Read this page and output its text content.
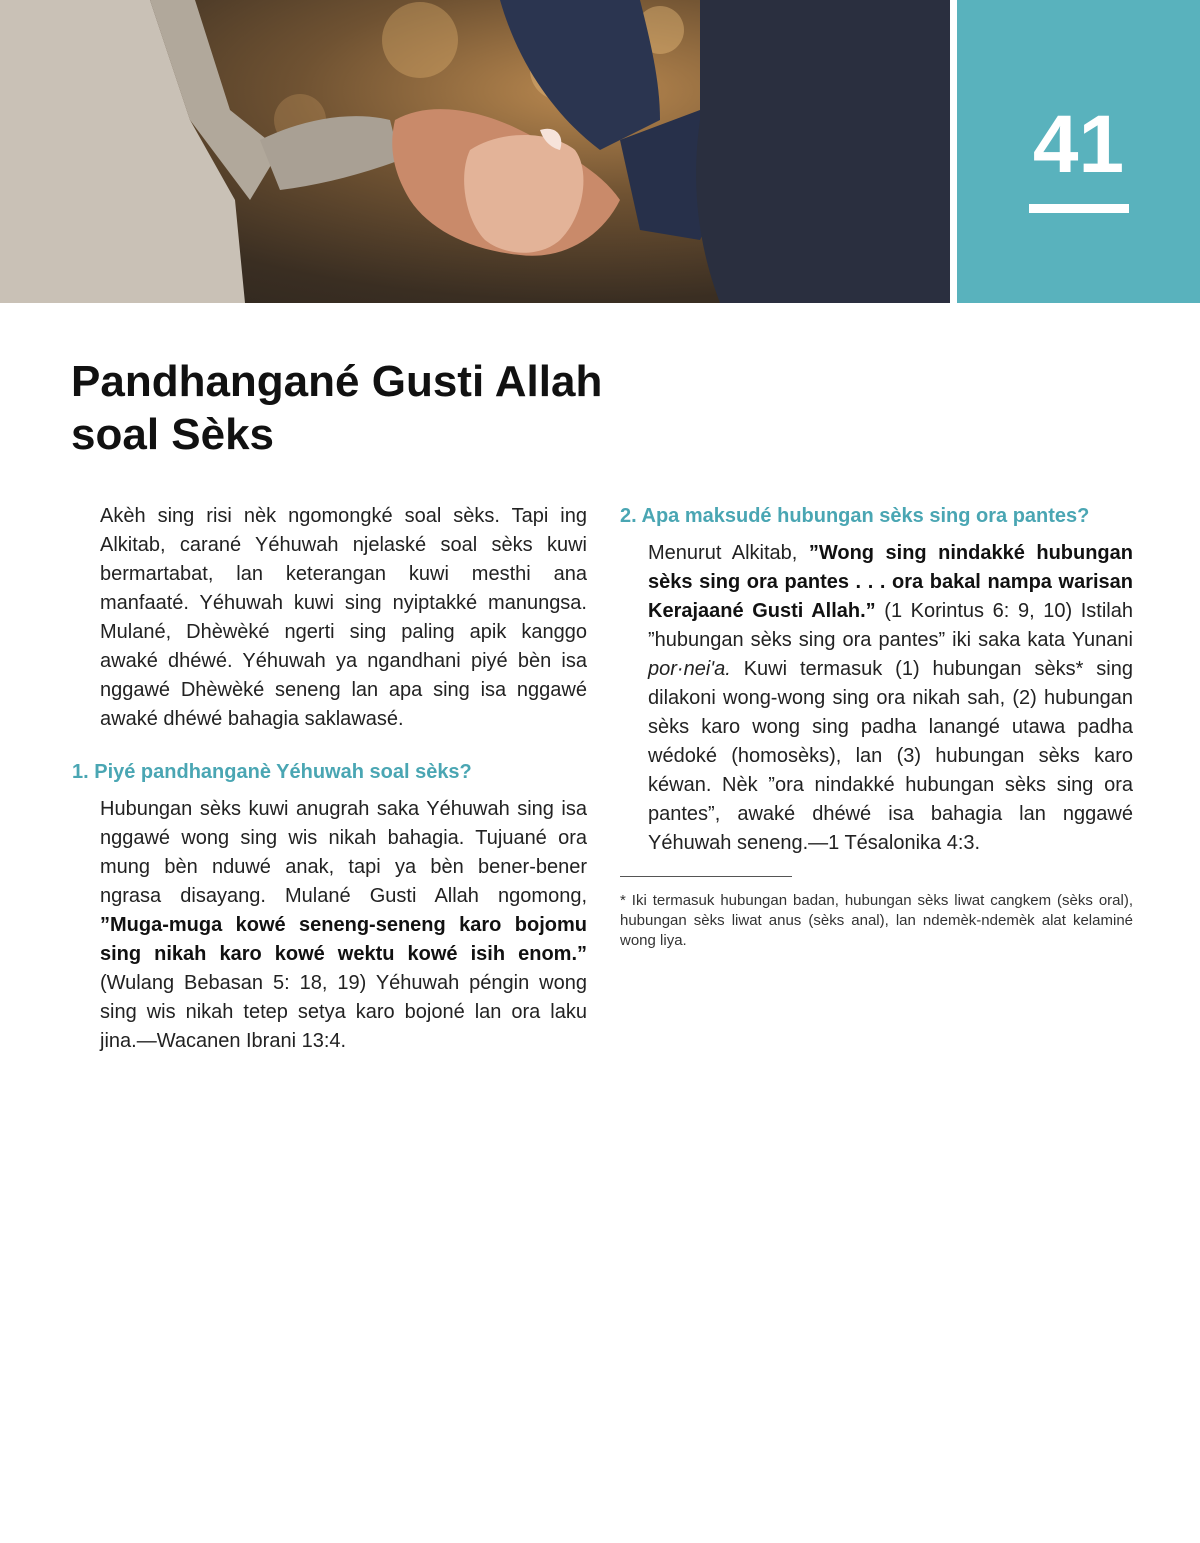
41
Pandhangané Gusti Allah
soal Sèks

Akèh sing risi nèk ngomongké soal sèks. Tapi ing Alkitab, carané Yéhuwah njelaské soal sèks kuwi bermartabat, lan keterangan kuwi mesthi ana manfaaté. Yéhuwah kuwi sing nyiptakké manungsa. Mulané, Dhèwèké ngerti sing paling apik kanggo awaké dhéwé. Yéhuwah ya ngandhani piyé bèn isa nggawé Dhèwèké seneng lan apa sing isa nggawé awaké dhéwé bahagia saklawasé.

1. Piyé pandhanganè Yéhuwah soal sèks?

Hubungan sèks kuwi anugrah saka Yéhuwah sing isa nggawé wong sing wis nikah bahagia. Tujuané ora mung bèn nduwé anak, tapi ya bèn bener-bener ngrasa disayang. Mulané Gusti Allah ngomong, ”Muga-muga kowé seneng-seneng karo bojomu sing nikah karo kowé wektu kowé isih enom.” (Wulang Bebasan 5: 18, 19) Yéhuwah péngin wong sing wis nikah tetep setya karo bojoné lan ora laku jina.—Wacanen Ibrani 13:4.

2. Apa maksudé hubungan sèks sing ora pantes?

Menurut Alkitab, ”Wong sing nindakké hubungan sèks sing ora pantes . . . ora bakal nampa warisan Kerajaané Gusti Allah.” (1 Korintus 6: 9, 10) Istilah ”hubungan sèks sing ora pantes” iki saka kata Yunani por·neiʹa. Kuwi termasuk (1) hubungan sèks* sing dilakoni wong-wong sing ora nikah sah, (2) hubungan sèks karo wong sing padha lanangé utawa padha wédoké (homosèks), lan (3) hubungan sèks karo kéwan. Nèk ”ora nindakké hubungan sèks sing ora pantes”, awaké dhéwé isa bahagia lan nggawé Yéhuwah seneng.—1 Tésalonika 4:3.

* Iki termasuk hubungan badan, hubungan sèks liwat cangkem (sèks oral), hubungan sèks liwat anus (sèks anal), lan ndemèk-ndemèk alat kelaminé wong liya.
